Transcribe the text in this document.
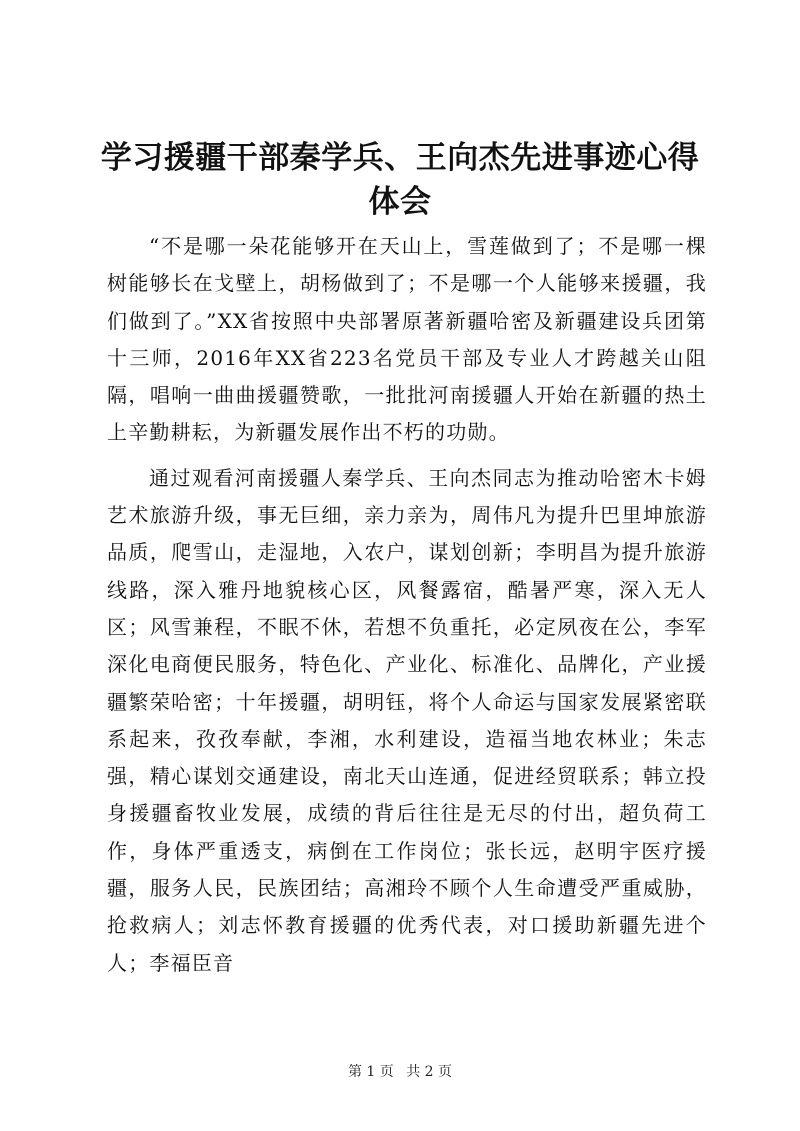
学习援疆干部秦学兵、王向杰先进事迹心得体会

“不是哪一朵花能够开在天山上，雪莲做到了；不是哪一棵树能够长在戈壁上，胡杨做到了；不是哪一个人能够来援疆，我们做到了。”XX省按照中央部署原著新疆哈密及新疆建设兵团第十三师，2016年XX省223名党员干部及专业人才跨越关山阻隔，唱响一曲曲援疆赞歌，一批批河南援疆人开始在新疆的热土上辛勤耕耘，为新疆发展作出不朽的功勋。

通过观看河南援疆人秦学兵、王向杰同志为推动哈密木卡姆艺术旅游升级，事无巨细，亲力亲为，周伟凡为提升巴里坤旅游品质，爬雪山，走湿地，入农户，谋划创新；李明昌为提升旅游线路，深入雅丹地貌核心区，风餐露宿，酷暑严寒，深入无人区；风雪兼程，不眠不休，若想不负重托，必定夙夜在公，李军深化电商便民服务，特色化、产业化、标准化、品牌化，产业援疆繁荣哈密；十年援疆，胡明钰，将个人命运与国家发展紧密联系起来，孜孜奉献，李湘，水利建设，造福当地农林业；朱志强，精心谋划交通建设，南北天山连通，促进经贸联系；韩立投身援疆畜牧业发展，成绩的背后往往是无尽的付出，超负荷工作，身体严重透支，病倒在工作岗位；张长远，赵明宇医疗援疆，服务人民，民族团结；高湘玲不顾个人生命遭受严重威胁，抢救病人；刘志怀教育援疆的优秀代表，对口援助新疆先进个人；李福臣音

第 1 页 共 2 页
